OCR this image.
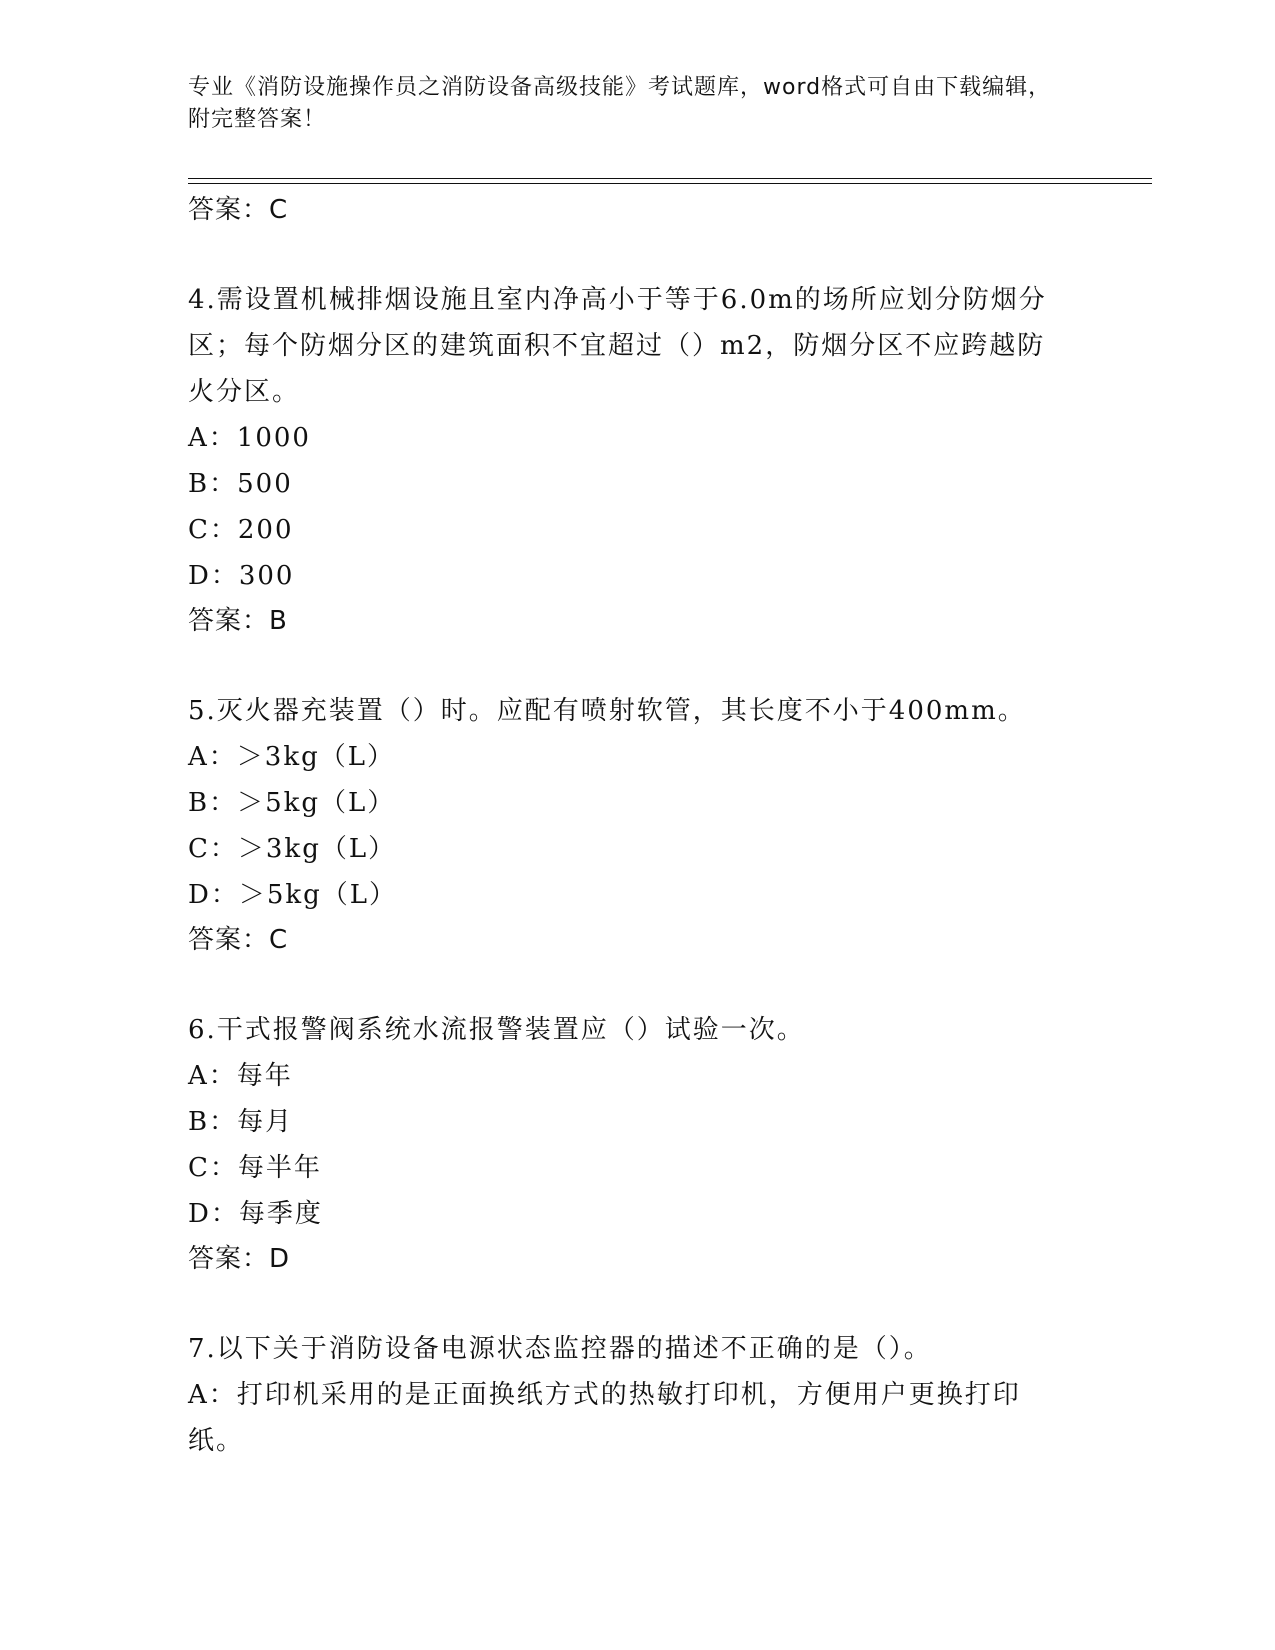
专业《消防设施操作员之消防设备高级技能》考试题库，word格式可自由下载编辑，附完整答案！
答案：C
4.需设置机械排烟设施且室内净高小于等于6.0m的场所应划分防烟分区；每个防烟分区的建筑面积不宜超过（）m2，防烟分区不应跨越防火分区。
A：1000
B：500
C：200
D：300
答案：B
5.灭火器充装置（）时。应配有喷射软管，其长度不小于400mm。
A：＞3kg（L）
B：＞5kg（L）
C：＞3kg（L）
D：＞5kg（L）
答案：C
6.干式报警阀系统水流报警装置应（）试验一次。
A：每年
B：每月
C：每半年
D：每季度
答案：D
7.以下关于消防设备电源状态监控器的描述不正确的是（）。
A：打印机采用的是正面换纸方式的热敏打印机，方便用户更换打印纸。
